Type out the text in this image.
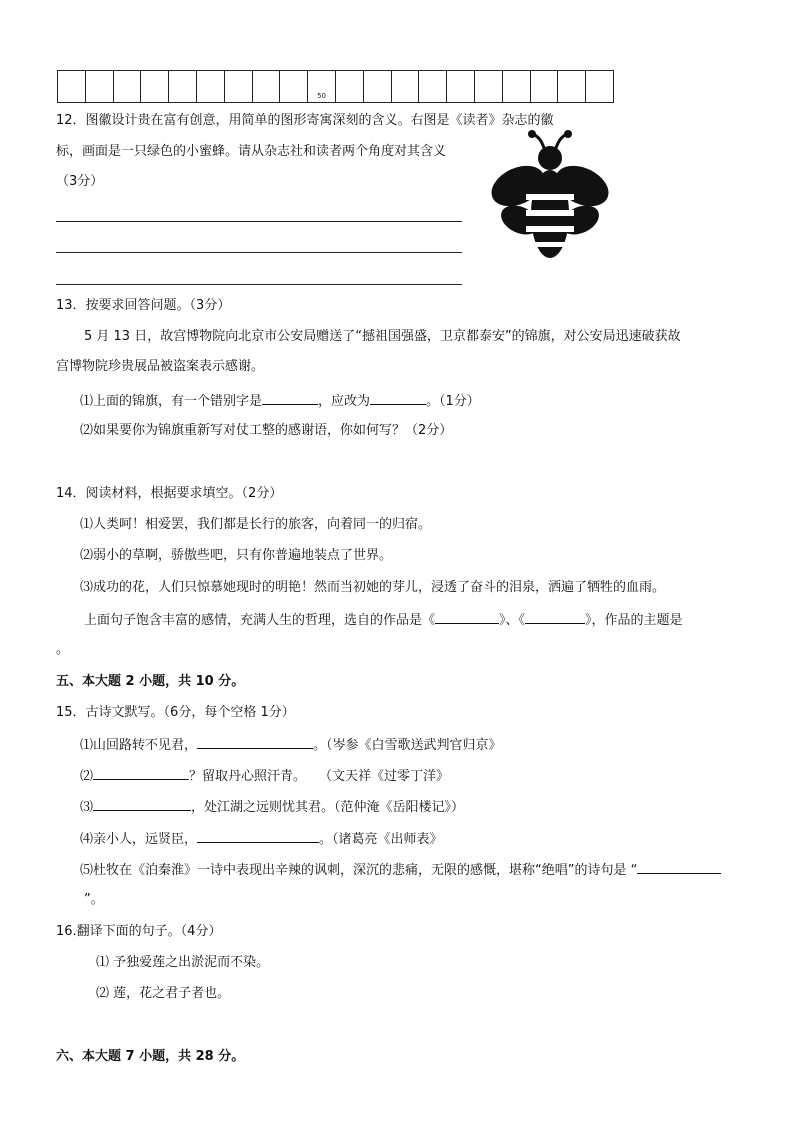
50
12．图徽设计贵在富有创意，用简单的图形寄寓深刻的含义。右图是《读者》杂志的徽
标，画面是一只绿色的小蜜蜂。请从杂志社和读者两个角度对其含义
（3分）
13．按要求回答问题。（3分）
5 月 13 日，故宫博物院向北京市公安局赠送了“撼祖国强盛，卫京都泰安”的锦旗，对公安局迅速破获故
宫博物院珍贵展品被盗案表示感谢。
⑴上面的锦旗，有一个错别字是	，应改为	。（1分）
⑵如果要你为锦旗重新写对仗工整的感谢语，你如何写？（2分）
14．阅读材料，根据要求填空。（2分）
⑴人类呵！相爱罢，我们都是长行的旅客，向着同一的归宿。
⑵弱小的草啊，骄傲些吧，只有你普遍地装点了世界。
⑶成功的花，人们只惊慕她现时的明艳！然而当初她的芽儿，浸透了奋斗的泪泉，洒遍了牺牲的血雨。
上面句子饱含丰富的感情，充满人生的哲理，选自的作品是《	》、《	》，作品的主题是
。
五、本大题 2 小题，共 10 分。
15．古诗文默写。（6分，每个空格 1分）
⑴山回路转不见君，	。（岑参《白雪歌送武判官归京》
⑵	？留取丹心照汗青。　　（文天祥《过零丁洋》
⑶	，处江湖之远则忧其君。（范仲淹《岳阳楼记》）
⑷亲小人，远贤臣，	。（诸葛亮《出师表》
⑸杜牧在《泊秦淮》一诗中表现出辛辣的讽刺，深沉的悲痛，无限的感慨，堪称“绝唱”的诗句是 “
”。
16.翻译下面的句子。（4分）
⑴ 予独爱莲之出淤泥而不染。
⑵ 莲，花之君子者也。
六、本大题 7 小题，共 28 分。
